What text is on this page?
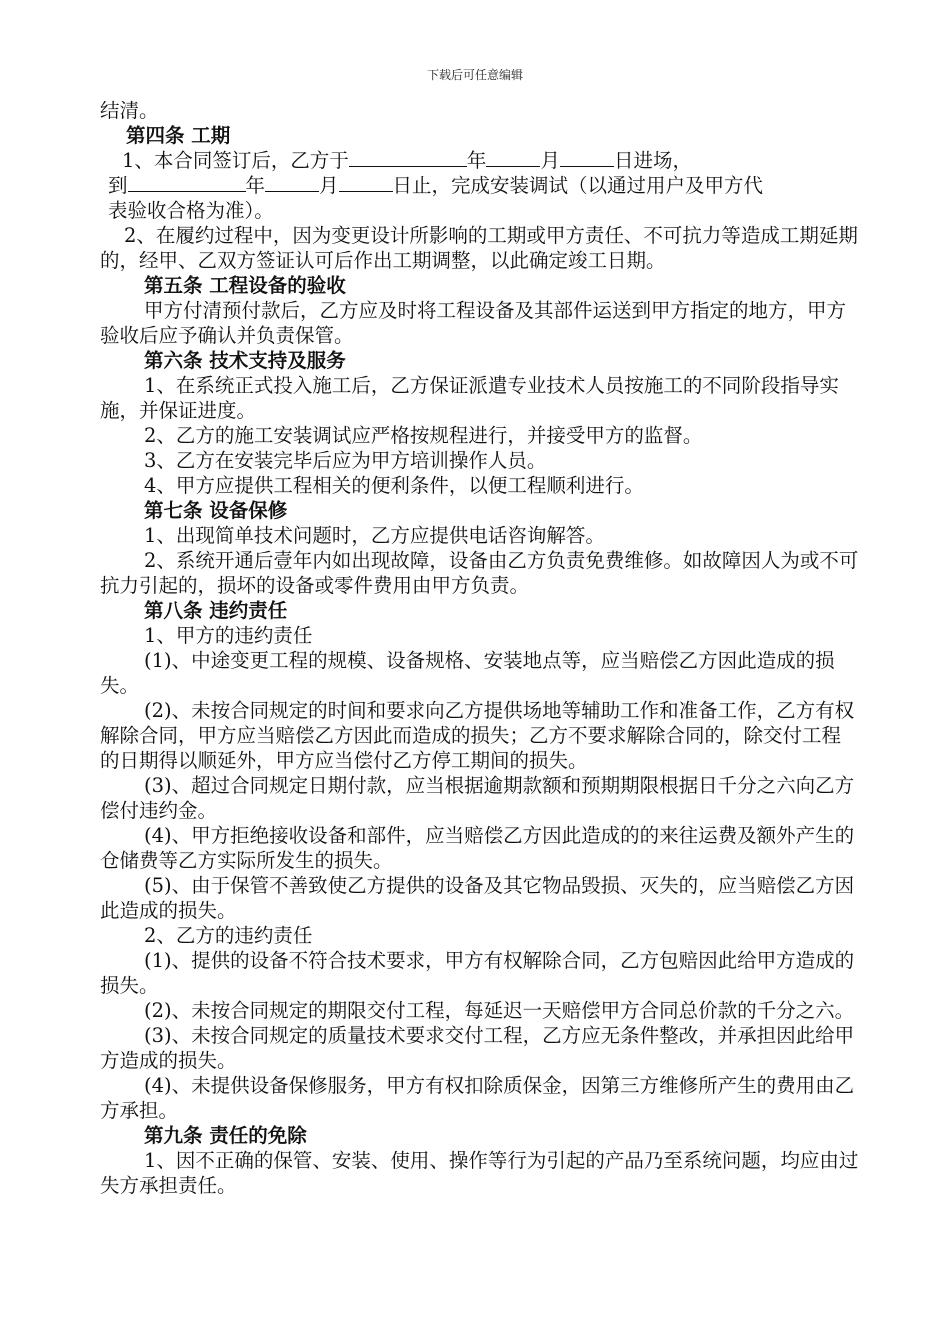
下载后可任意编辑

结清。

第四条 工期

1、本合同签订后，乙方于	年	月	日进场，

到	年	月	日止，完成安装调试（以通过用户及甲方代

表验收合格为准）。

2、在履约过程中，因为变更设计所影响的工期或甲方责任、不可抗力等造成工期延期的，经甲、乙双方签证认可后作出工期调整，以此确定竣工日期。

第五条 工程设备的验收

甲方付清预付款后，乙方应及时将工程设备及其部件运送到甲方指定的地方，甲方验收后应予确认并负责保管。

第六条 技术支持及服务

1、在系统正式投入施工后，乙方保证派遣专业技术人员按施工的不同阶段指导实施，并保证进度。

2、乙方的施工安装调试应严格按规程进行，并接受甲方的监督。

3、乙方在安装完毕后应为甲方培训操作人员。

4、甲方应提供工程相关的便利条件，以便工程顺利进行。

第七条 设备保修

1、出现简单技术问题时，乙方应提供电话咨询解答。

2、系统开通后壹年内如出现故障，设备由乙方负责免费维修。如故障因人为或不可抗力引起的，损坏的设备或零件费用由甲方负责。

第八条 违约责任

1、甲方的违约责任

(1)、中途变更工程的规模、设备规格、安装地点等，应当赔偿乙方因此造成的损失。

(2)、未按合同规定的时间和要求向乙方提供场地等辅助工作和准备工作，乙方有权解除合同，甲方应当赔偿乙方因此而造成的损失；乙方不要求解除合同的，除交付工程的日期得以顺延外，甲方应当偿付乙方停工期间的损失。

(3)、超过合同规定日期付款，应当根据逾期款额和预期期限根据日千分之六向乙方偿付违约金。

(4)、甲方拒绝接收设备和部件，应当赔偿乙方因此造成的的来往运费及额外产生的仓储费等乙方实际所发生的损失。

(5)、由于保管不善致使乙方提供的设备及其它物品毁损、灭失的，应当赔偿乙方因此造成的损失。

2、乙方的违约责任

(1)、提供的设备不符合技术要求，甲方有权解除合同，乙方包赔因此给甲方造成的损失。

(2)、未按合同规定的期限交付工程，每延迟一天赔偿甲方合同总价款的千分之六。

(3)、未按合同规定的质量技术要求交付工程，乙方应无条件整改，并承担因此给甲方造成的损失。

(4)、未提供设备保修服务，甲方有权扣除质保金，因第三方维修所产生的费用由乙方承担。

第九条 责任的免除

1、因不正确的保管、安装、使用、操作等行为引起的产品乃至系统问题，均应由过失方承担责任。
